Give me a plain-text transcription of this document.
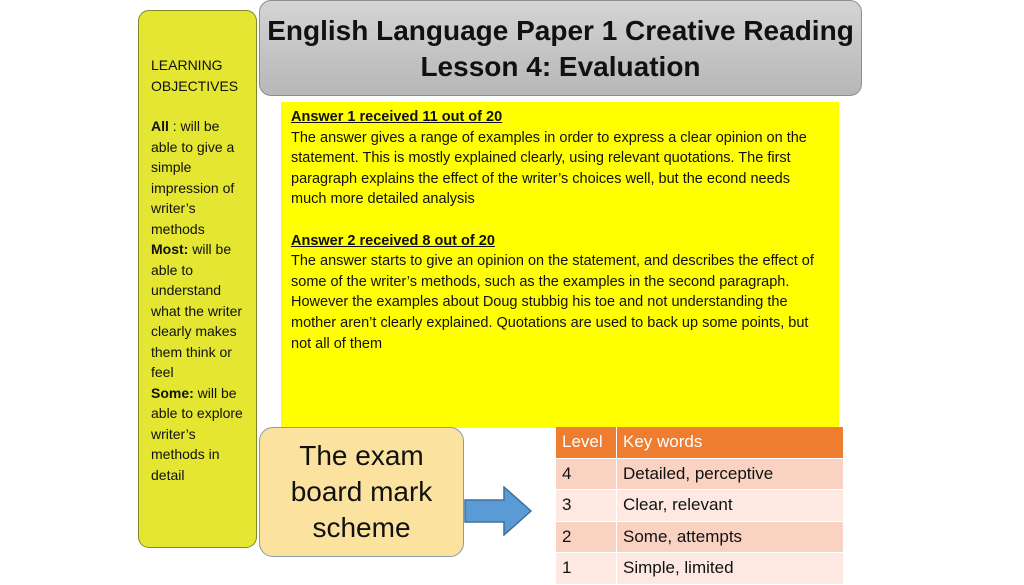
LEARNING
OBJECTIVES

All : will be able to give a simple impression of writer’s methods

Most: will be able to understand what the writer clearly makes them think or feel

Some: will be able to explore writer’s methods in detail

English Language Paper 1 Creative Reading
Lesson 4: Evaluation
Answer 1 received 11 out of 20
The answer gives a range of examples in order to express a clear opinion on the statement. This is mostly explained clearly, using relevant quotations. The first paragraph explains the effect of the writer’s choices well, but the econd needs much more detailed analysis
Answer 2 received 8 out of 20
The answer starts to give an opinion on the statement, and describes the effect of some of the writer’s methods, such as the examples in the second paragraph. However the examples about Doug stubbig his toe and not understanding the mother aren’t clearly explained. Quotations are used to back up some points, but not all of them
The exam
board mark
scheme
Level	Key words
4	Detailed, perceptive
3	Clear, relevant
2	Some, attempts
1	Simple, limited
